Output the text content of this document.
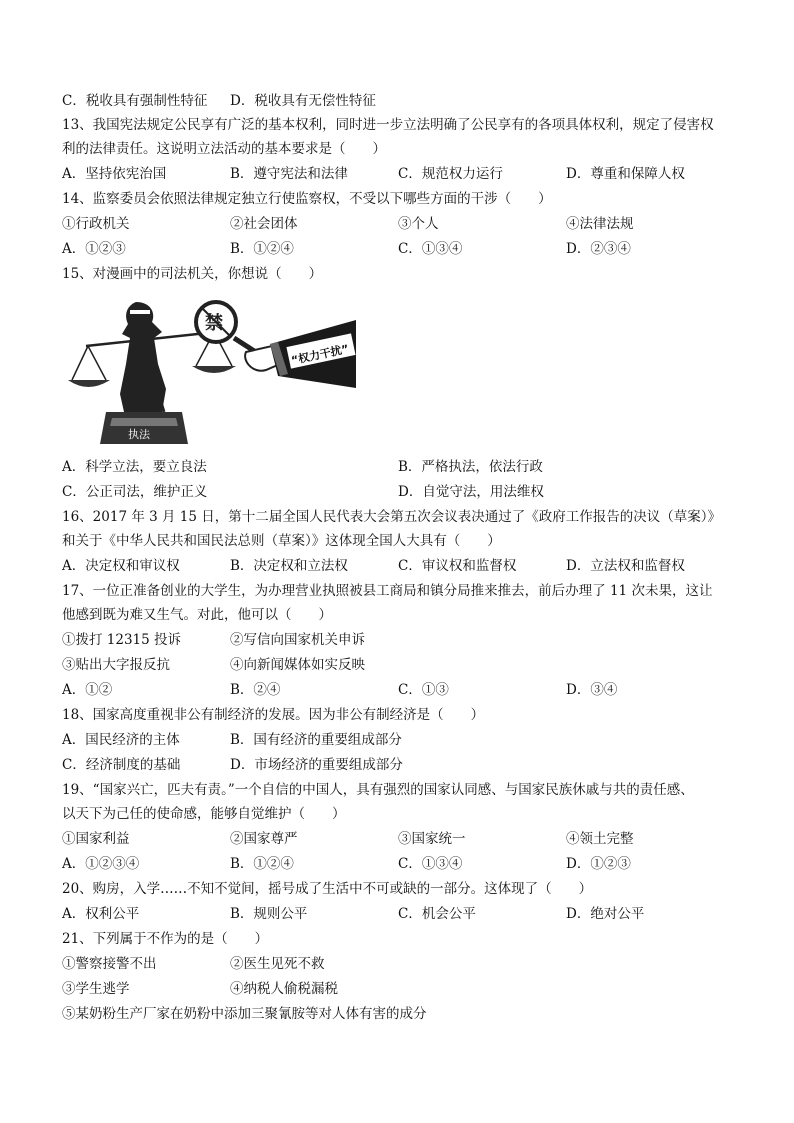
C．税收具有强制性特征 D．税收具有无偿性特征
13、我国宪法规定公民享有广泛的基本权利，同时进一步立法明确了公民享有的各项具体权利，规定了侵害权
利的法律责任。这说明立法活动的基本要求是（　　）
A．坚持依宪治国	B．遵守宪法和法律	C．规范权力运行	D．尊重和保障人权
14、监察委员会依照法律规定独立行使监察权，不受以下哪些方面的干涉（　　）
①行政机关	②社会团体	③个人	④法律法规
A．①②③	B．①②④	C．①③④	D．②③④
15、对漫画中的司法机关，你想说（　　）
执法
禁
“权力干扰”
A．科学立法，要立良法	B．严格执法，依法行政
C．公正司法，维护正义	D．自觉守法，用法维权
16、2017 年 3 月 15 日，第十二届全国人民代表大会第五次会议表决通过了《政府工作报告的决议（草案）》
和关于《中华人民共和国民法总则（草案）》这体现全国人大具有（　　）
A．决定权和审议权	B．决定权和立法权	C．审议权和监督权	D．立法权和监督权
17、一位正准备创业的大学生，为办理营业执照被县工商局和镇分局推来推去，前后办理了 11 次未果，这让
他感到既为难又生气。对此，他可以（　　）
①拨打 12315 投诉	②写信向国家机关申诉
③贴出大字报反抗	④向新闻媒体如实反映
A．①②	B．②④	C．①③	D．③④
18、国家高度重视非公有制经济的发展。因为非公有制经济是（　　）
A．国民经济的主体	B．国有经济的重要组成部分
C．经济制度的基础	D．市场经济的重要组成部分
19、“国家兴亡，匹夫有责。”一个自信的中国人，具有强烈的国家认同感、与国家民族休戚与共的责任感、
以天下为己任的使命感，能够自觉维护（　　）
①国家利益	②国家尊严	③国家统一	④领土完整
A．①②③④	B．①②④	C．①③④	D．①②③
20、购房，入学……不知不觉间，摇号成了生活中不可或缺的一部分。这体现了（　　）
A．权利公平	B．规则公平	C．机会公平	D．绝对公平
21、下列属于不作为的是（　　）
①警察接警不出	②医生见死不救
③学生逃学	④纳税人偷税漏税
⑤某奶粉生产厂家在奶粉中添加三聚氰胺等对人体有害的成分
